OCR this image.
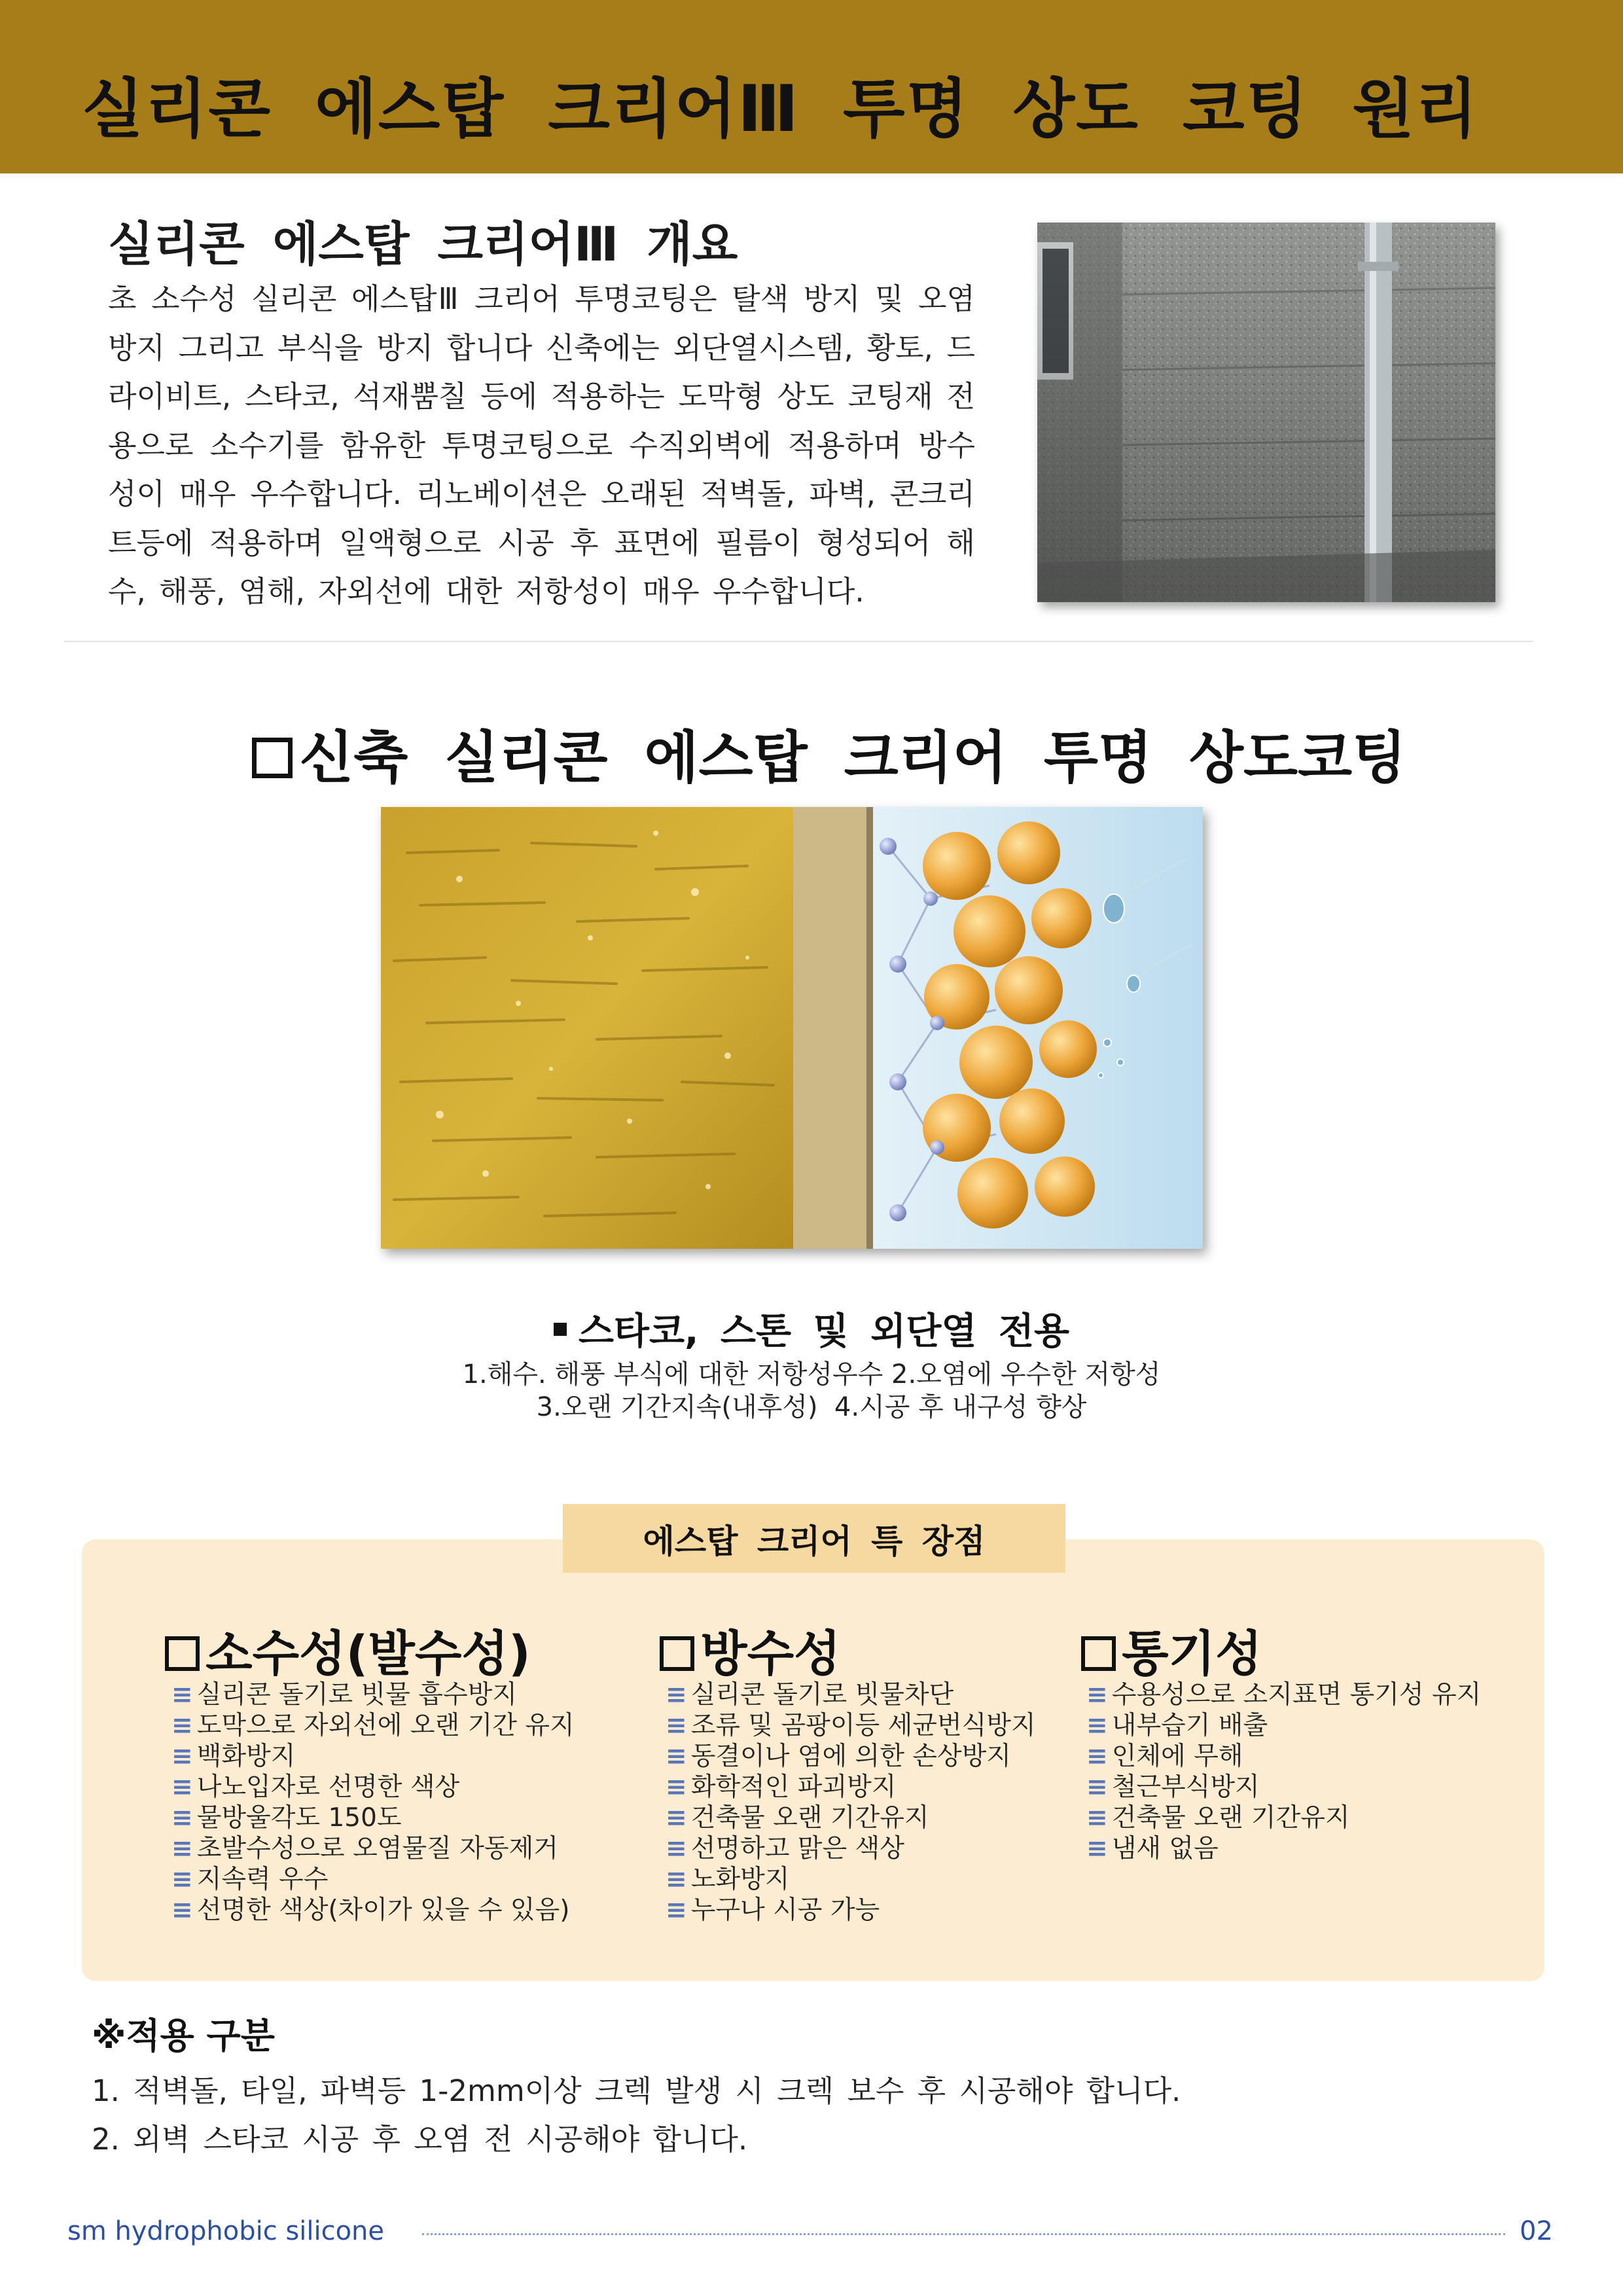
실리콘 에스탑 크리어Ⅲ 투명 상도 코팅 원리
실리콘 에스탑 크리어Ⅲ 개요

초 소수성 실리콘 에스탑Ⅲ 크리어 투명코팅은 탈색 방지 및 오염 방지 그리고 부식을 방지 합니다 신축에는 외단열시스템, 황토, 드라이비트, 스타코, 석재뿜칠 등에 적용하는 도막형 상도 코팅재 전용으로 소수기를 함유한 투명코팅으로 수직외벽에 적용하며 방수성이 매우 우수합니다. 리노베이션은 오래된 적벽돌, 파벽, 콘크리트등에 적용하며 일액형으로 시공 후 표면에 필름이 형성되어 해수, 해풍, 염해, 자외선에 대한 저항성이 매우 우수합니다.

신축 실리콘 에스탑 크리어 투명 상도코팅
스타코, 스톤 및 외단열 전용
1.해수. 해풍 부식에 대한 저항성우수 2.오염에 우수한 저항성
3.오랜 기간지속(내후성)  4.시공 후 내구성 향상
에스탑 크리어 특 장점
소수성(발수성)
≡ 실리콘 돌기로 빗물 흡수방지
≡ 도막으로 자외선에 오랜 기간 유지
≡ 백화방지
≡ 나노입자로 선명한 색상
≡ 물방울각도 150도
≡ 초발수성으로 오염물질 자동제거
≡ 지속력 우수
≡ 선명한 색상(차이가 있을 수 있음)
방수성
≡ 실리콘 돌기로 빗물차단
≡ 조류 및 곰팡이등 세균번식방지
≡ 동결이나 염에 의한 손상방지
≡ 화학적인 파괴방지
≡ 건축물 오랜 기간유지
≡ 선명하고 맑은 색상
≡ 노화방지
≡ 누구나 시공 가능
통기성
≡ 수용성으로 소지표면 통기성 유지
≡ 내부습기 배출
≡ 인체에 무해
≡ 철근부식방지
≡ 건축물 오랜 기간유지
≡ 냄새 없음
※적용 구분
1. 적벽돌, 타일, 파벽등 1-2mm이상 크렉 발생 시 크렉 보수 후 시공해야 합니다.
2. 외벽 스타코 시공 후 오염 전 시공해야 합니다.
sm hydrophobic silicone	02
